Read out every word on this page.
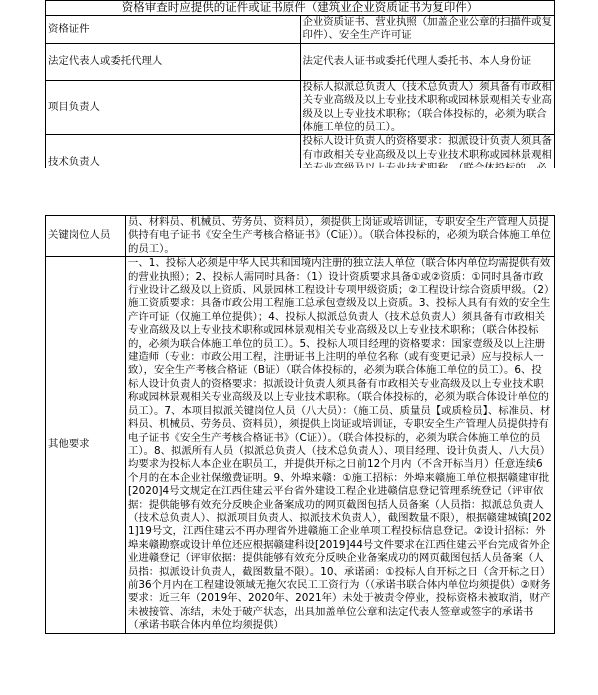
资格审查时应提供的证件或证书原件（建筑业企业资质证书为复印件）	
资格证件	企业资质证书、营业执照（加盖企业公章的扫描件或复印件）、安全生产许可证
法定代表人或委托代理人	法定代表人证书或委托代理人委托书、本人身份证
项目负责人	投标人拟派总负责人（技术总负责人）须具备有市政相关专业高级及以上专业技术职称或园林景观相关专业高级及以上专业技术职称；（联合体投标的，必须为联合体施工单位的员工）。
技术负责人	投标人设计负责人的资格要求：拟派设计负责人须具备有市政相关专业高级及以上专业技术职称或园林景观相

关键岗位人员	员、材料员、机械员、劳务员、资料员），须提供上岗证或培训证，专职安全生产管理人员提供持有电子证书《安全生产考核合格证书》（C证））。（联合体投标的，必须为联合体施工单位的员工）。
其他要求	一、1、投标人必须是中华人民共和国境内注册的独立法人单位（联合体内单位均需提供有效的营业执照）；2、投标人需同时具备：（1）设计资质要求具备①或②资质：①同时具备市政行业设计乙级及以上资质、风景园林工程设计专项甲级资质；②工程设计综合资质甲级。（2）施工资质要求：具备市政公用工程施工总承包壹级及以上资质。3、投标人具有有效的安全生产许可证（仅施工单位提供）；4、投标人拟派总负责人（技术总负责人）须具备有市政相关专业高级及以上专业技术职称或园林景观相关专业高级及以上专业技术职称；（联合体投标的，必须为联合体施工单位的员工）。5、投标人项目经理的资格要求：国家壹级及以上注册建造师（专业：市政公用工程，注册证书上注明的单位名称（或有变更记录）应与投标人一致），安全生产考核合格证（B证）（联合体投标的，必须为联合体施工单位的员工）。6、投标人设计负责人的资格要求：拟派设计负责人须具备有市政相关专业高级及以上专业技术职称或园林景观相关专业高级及以上专业技术职称。（联合体投标的，必须为联合体设计单位的员工）。7、本项目拟派关键岗位人员（八大员）：（施工员、质量员【或质检员】、标准员、材料员、机械员、劳务员、资料员），须提供上岗证或培训证，专职安全生产管理人员提供持有电子证书《安全生产考核合格证书》（C证））。（联合体投标的，必须为联合体施工单位的员工）。8、拟派所有人员（拟派总负责人（技术总负责人）、项目经理、设计负责人、八大员）均要求为投标人本企业在职员工，并提供开标之日前12个月内（不含开标当月）任意连续6个月的在本企业社保缴费证明。9、外埠来赣：①施工招标：外埠来赣施工单位根据赣建审批[2020]4号文规定在江西住建云平台省外建设工程企业进赣信息登记管理系统登记（评审依据：提供能够有效充分反映企业备案成功的网页截图包括人员备案（人员指：拟派总负责人（技术总负责人）、拟派项目负责人、拟派技术负责人），截图数量不限），根据赣建城镇[2021]19号文，江西住建云不再办理省外进赣施工企业单项工程投标信息登记。②设计招标：外埠来赣勘察或设计单位还应根据赣建科设[2019]44号文件要求在江西住建云平台完成省外企业进赣登记（评审依据：提供能够有效充分反映企业备案成功的网页截图包括人员备案（人员指：拟派设计负责人，截图数量不限）。10、承诺函：①投标人自开标之日（含开标之日）前36个月内在工程建设领域无拖欠农民工工资行为（（承诺书联合体内单位均须提供）②财务要求：近三年（2019年、2020年、2021年）未处于被责令停业，投标资格未被取消，财产未被接管、冻结，未处于破产状态，出具加盖单位公章和法定代表人签章或签字的承诺书（承诺书联合体内单位均须提供）
